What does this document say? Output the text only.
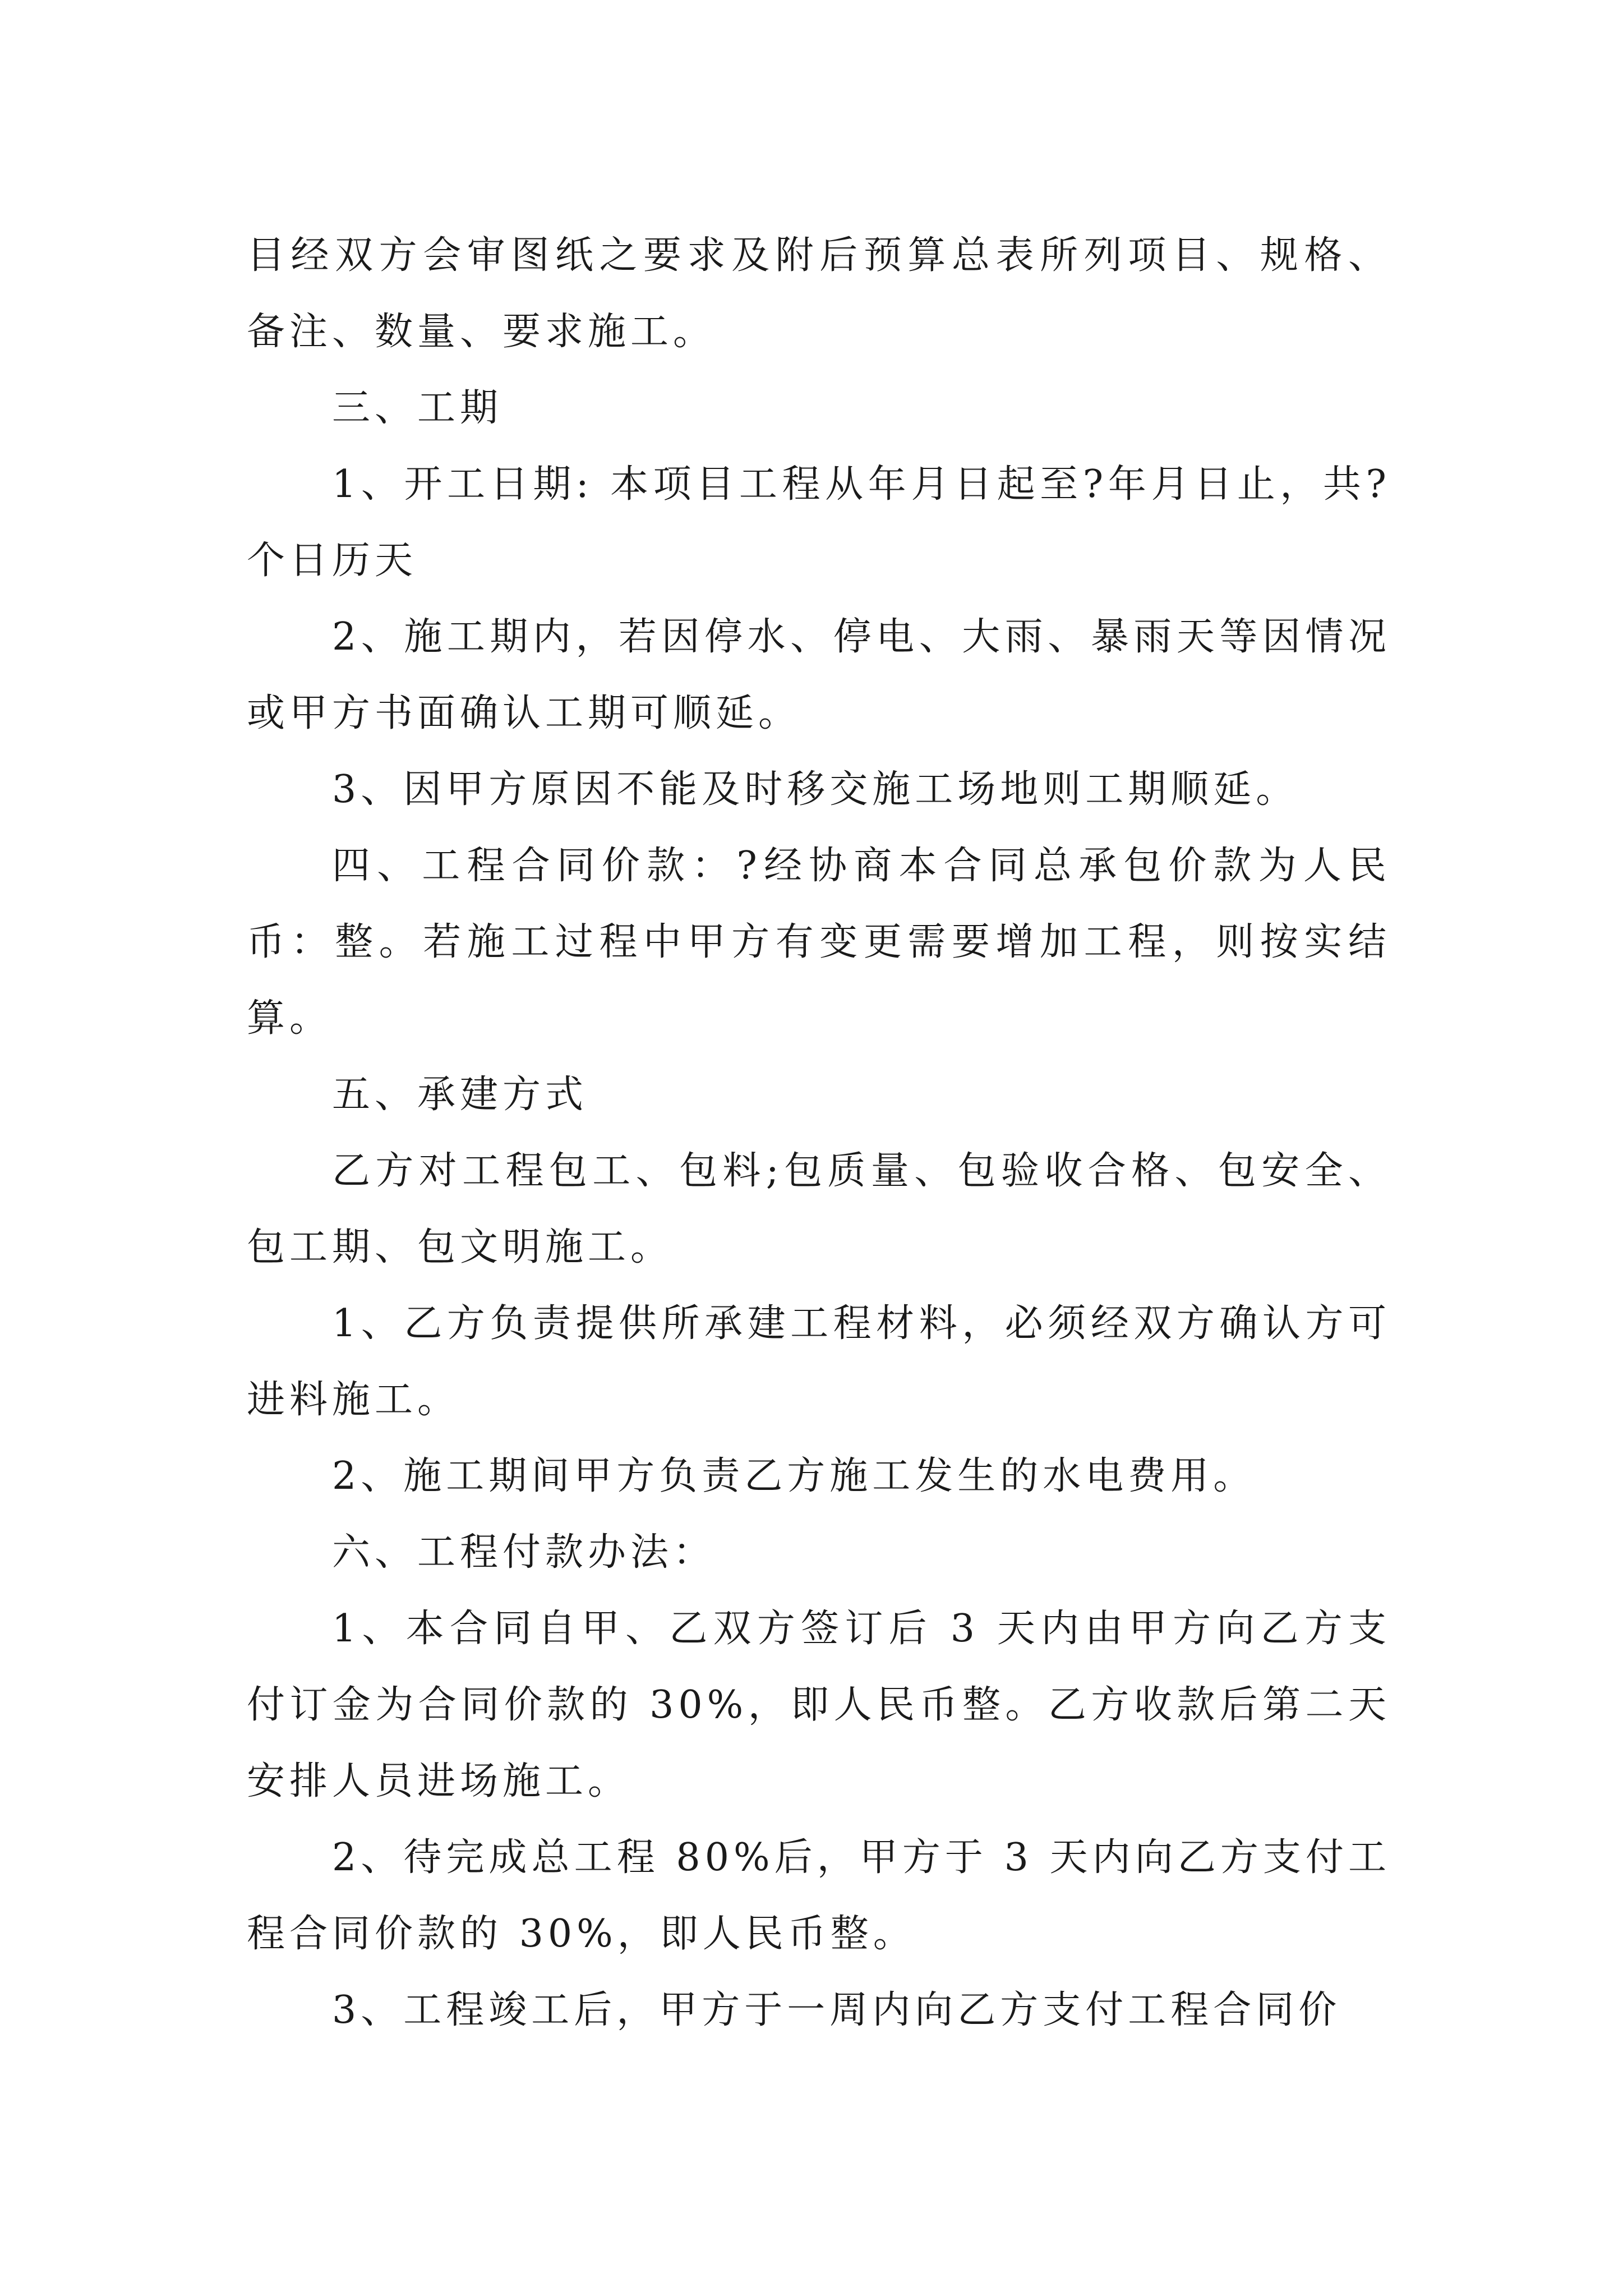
目经双方会审图纸之要求及附后预算总表所列项目、规格、备注、数量、要求施工。

三、工期

1、开工日期: 本项目工程从年月日起至?年月日止，共?个日历天

2、施工期内，若因停水、停电、大雨、暴雨天等因情况或甲方书面确认工期可顺延。

3、因甲方原因不能及时移交施工场地则工期顺延。

四、工程合同价款：?经协商本合同总承包价款为人民币：整。若施工过程中甲方有变更需要增加工程，则按实结算。

五、承建方式

乙方对工程包工、包料;包质量、包验收合格、包安全、包工期、包文明施工。

1、乙方负责提供所承建工程材料，必须经双方确认方可进料施工。

2、施工期间甲方负责乙方施工发生的水电费用。

六、工程付款办法：

1、本合同自甲、乙双方签订后 3 天内由甲方向乙方支付订金为合同价款的 30%，即人民币整。乙方收款后第二天安排人员进场施工。

2、待完成总工程 80%后，甲方于 3 天内向乙方支付工程合同价款的 30%，即人民币整。

3、工程竣工后，甲方于一周内向乙方支付工程合同价
